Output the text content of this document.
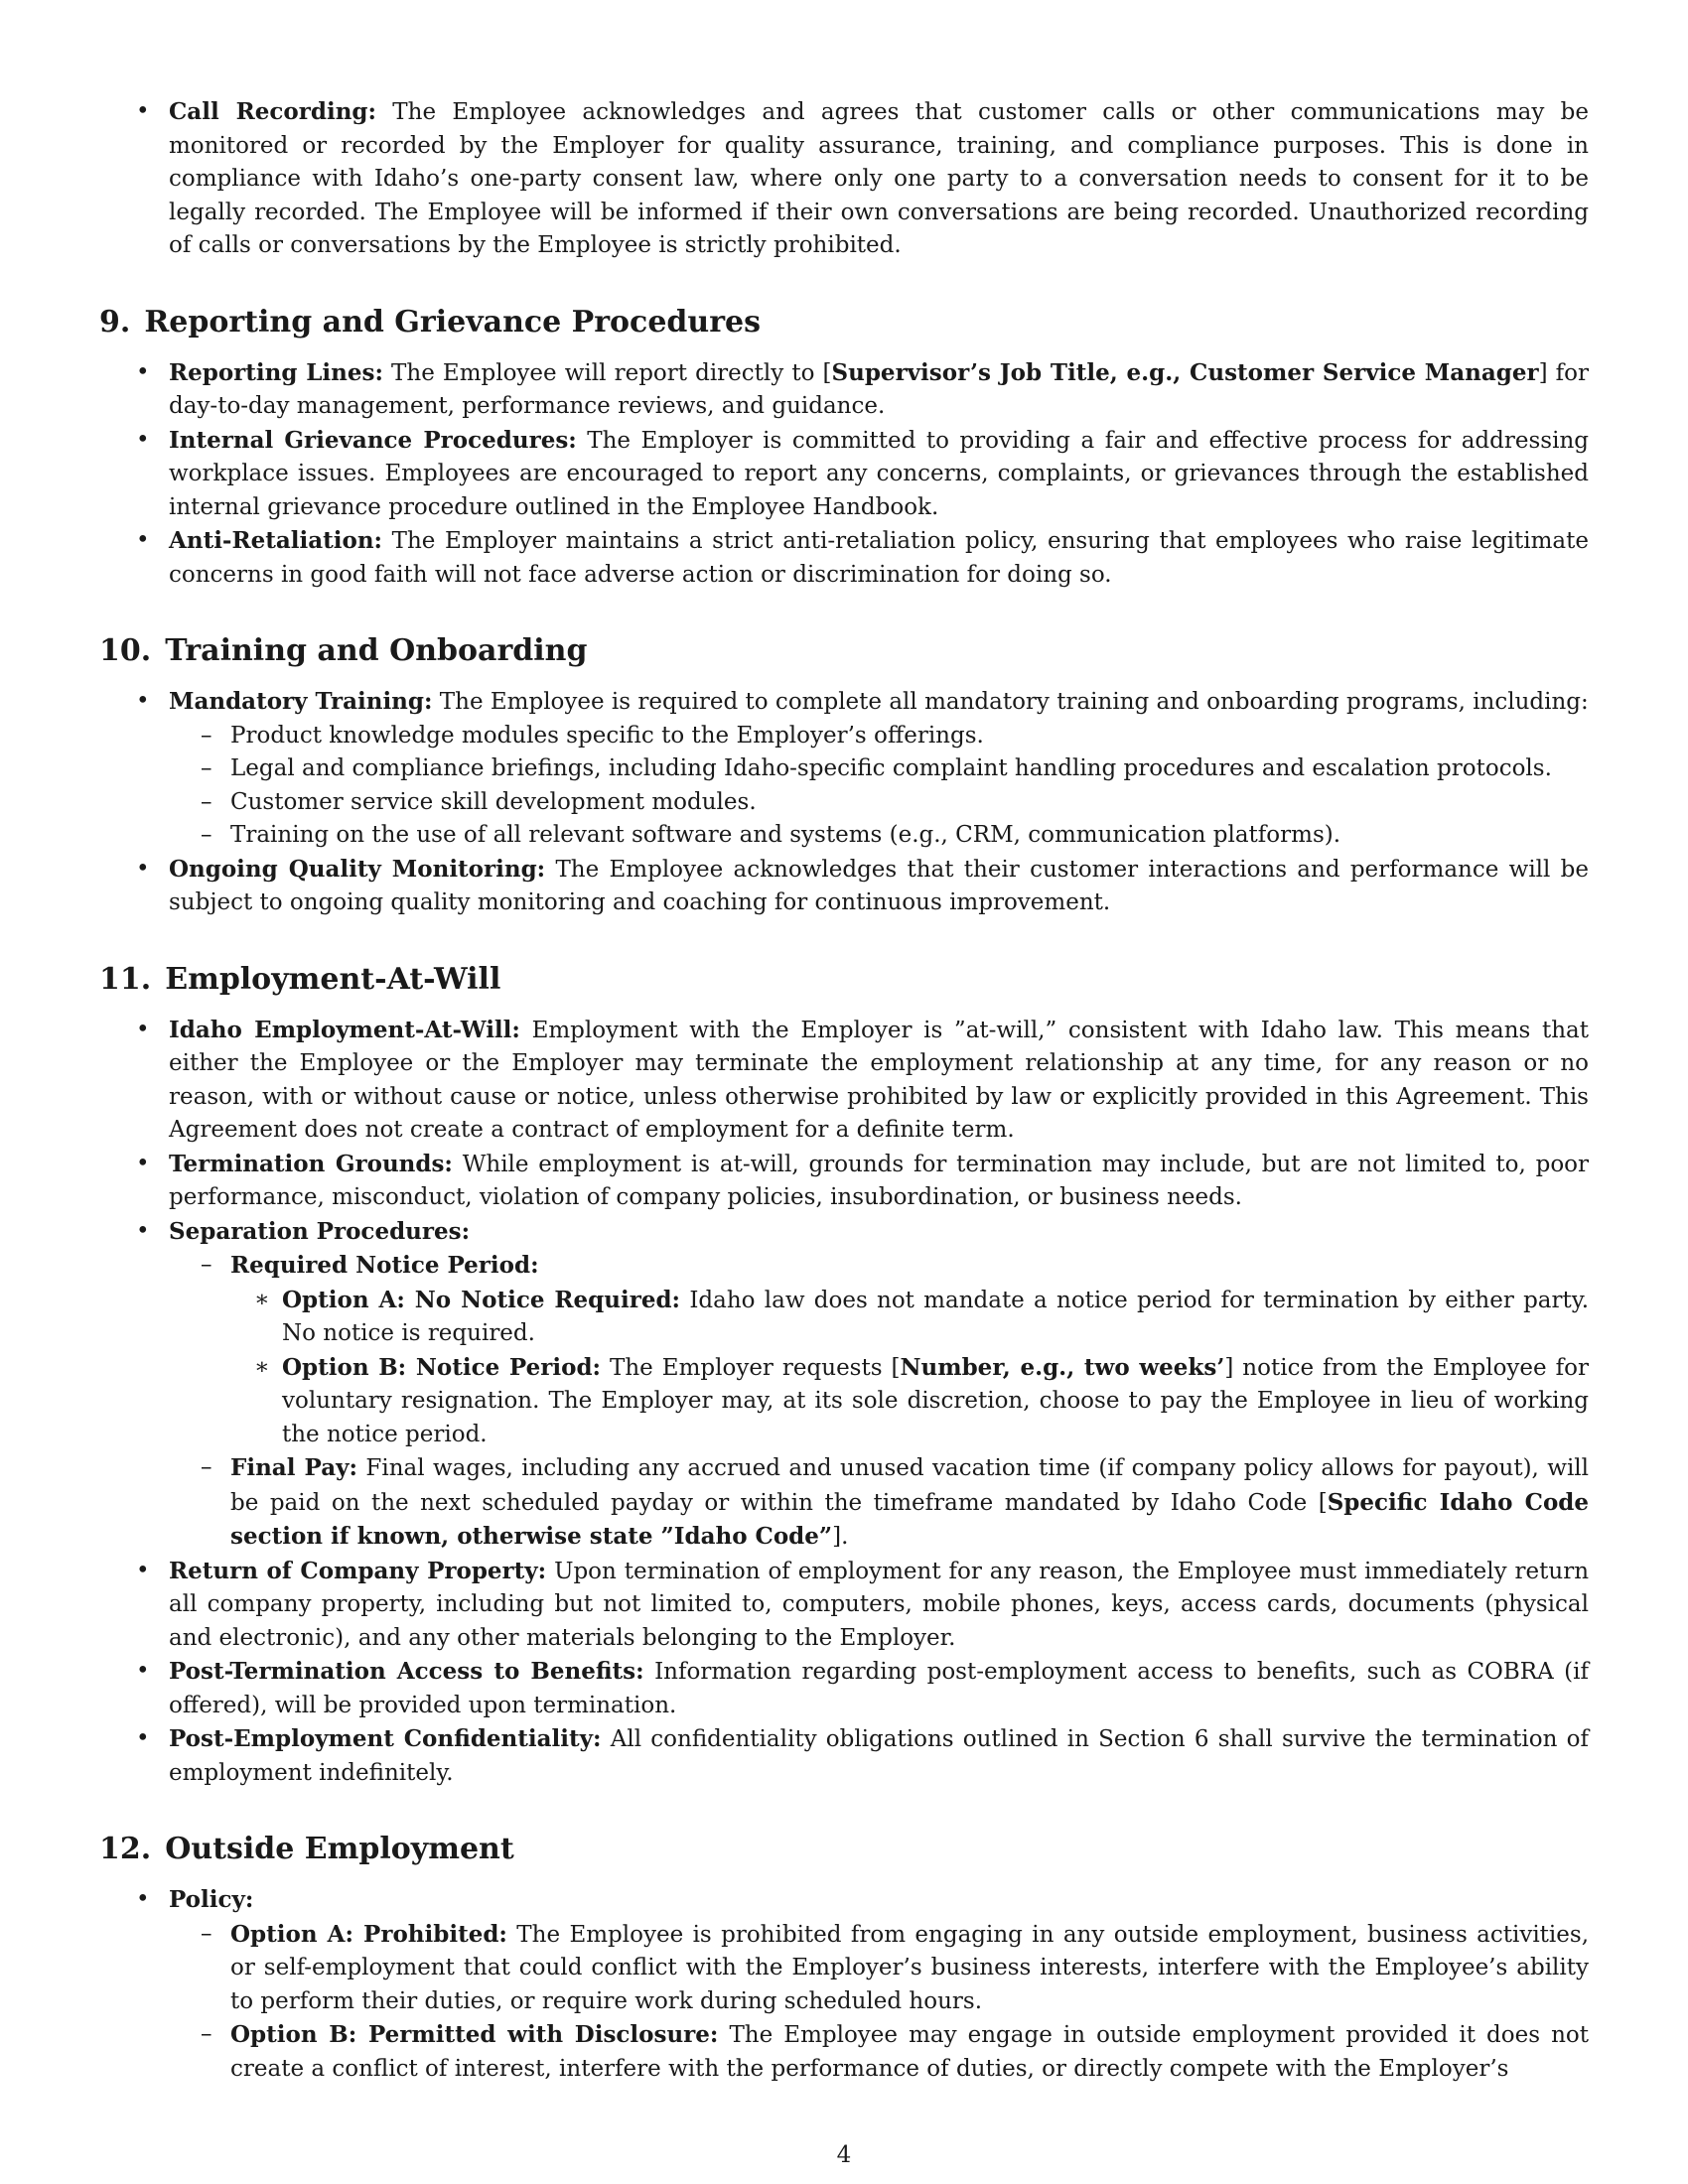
• Call Recording: The Employee acknowledges and agrees that customer calls or other communications may be monitored or recorded by the Employer for quality assurance, training, and compliance purposes. This is done in compliance with Idaho’s one-party consent law, where only one party to a conversation needs to consent for it to be legally recorded. The Employee will be informed if their own conversations are being recorded. Unauthorized recording of calls or conversations by the Employee is strictly prohibited.
9. Reporting and Grievance Procedures
• Reporting Lines: The Employee will report directly to [Supervisor’s Job Title, e.g., Customer Service Manager] for day-to-day management, performance reviews, and guidance.
• Internal Grievance Procedures: The Employer is committed to providing a fair and effective process for addressing workplace issues. Employees are encouraged to report any concerns, complaints, or grievances through the established internal grievance procedure outlined in the Employee Handbook.
• Anti-Retaliation: The Employer maintains a strict anti-retaliation policy, ensuring that employees who raise legitimate concerns in good faith will not face adverse action or discrimination for doing so.
10. Training and Onboarding
• Mandatory Training: The Employee is required to complete all mandatory training and onboarding programs, including:
– Product knowledge modules specific to the Employer’s offerings.
– Legal and compliance briefings, including Idaho-specific complaint handling procedures and escalation protocols.
– Customer service skill development modules.
– Training on the use of all relevant software and systems (e.g., CRM, communication platforms).
• Ongoing Quality Monitoring: The Employee acknowledges that their customer interactions and performance will be subject to ongoing quality monitoring and coaching for continuous improvement.
11. Employment-At-Will
• Idaho Employment-At-Will: Employment with the Employer is ”at-will,” consistent with Idaho law. This means that either the Employee or the Employer may terminate the employment relationship at any time, for any reason or no reason, with or without cause or notice, unless otherwise prohibited by law or explicitly provided in this Agreement. This Agreement does not create a contract of employment for a definite term.
• Termination Grounds: While employment is at-will, grounds for termination may include, but are not limited to, poor performance, misconduct, violation of company policies, insubordination, or business needs.
• Separation Procedures:
– Required Notice Period:
∗ Option A: No Notice Required: Idaho law does not mandate a notice period for termination by either party. No notice is required.
∗ Option B: Notice Period: The Employer requests [Number, e.g., two weeks’] notice from the Employee for voluntary resignation. The Employer may, at its sole discretion, choose to pay the Employee in lieu of working the notice period.
– Final Pay: Final wages, including any accrued and unused vacation time (if company policy allows for payout), will be paid on the next scheduled payday or within the timeframe mandated by Idaho Code [Specific Idaho Code section if known, otherwise state ”Idaho Code”].
• Return of Company Property: Upon termination of employment for any reason, the Employee must immediately return all company property, including but not limited to, computers, mobile phones, keys, access cards, documents (physical and electronic), and any other materials belonging to the Employer.
• Post-Termination Access to Benefits: Information regarding post-employment access to benefits, such as COBRA (if offered), will be provided upon termination.
• Post-Employment Confidentiality: All confidentiality obligations outlined in Section 6 shall survive the termination of employment indefinitely.
12. Outside Employment
• Policy:
– Option A: Prohibited: The Employee is prohibited from engaging in any outside employment, business activities, or self-employment that could conflict with the Employer’s business interests, interfere with the Employee’s ability to perform their duties, or require work during scheduled hours.
– Option B: Permitted with Disclosure: The Employee may engage in outside employment provided it does not create a conflict of interest, interfere with the performance of duties, or directly compete with the Employer’s
4
